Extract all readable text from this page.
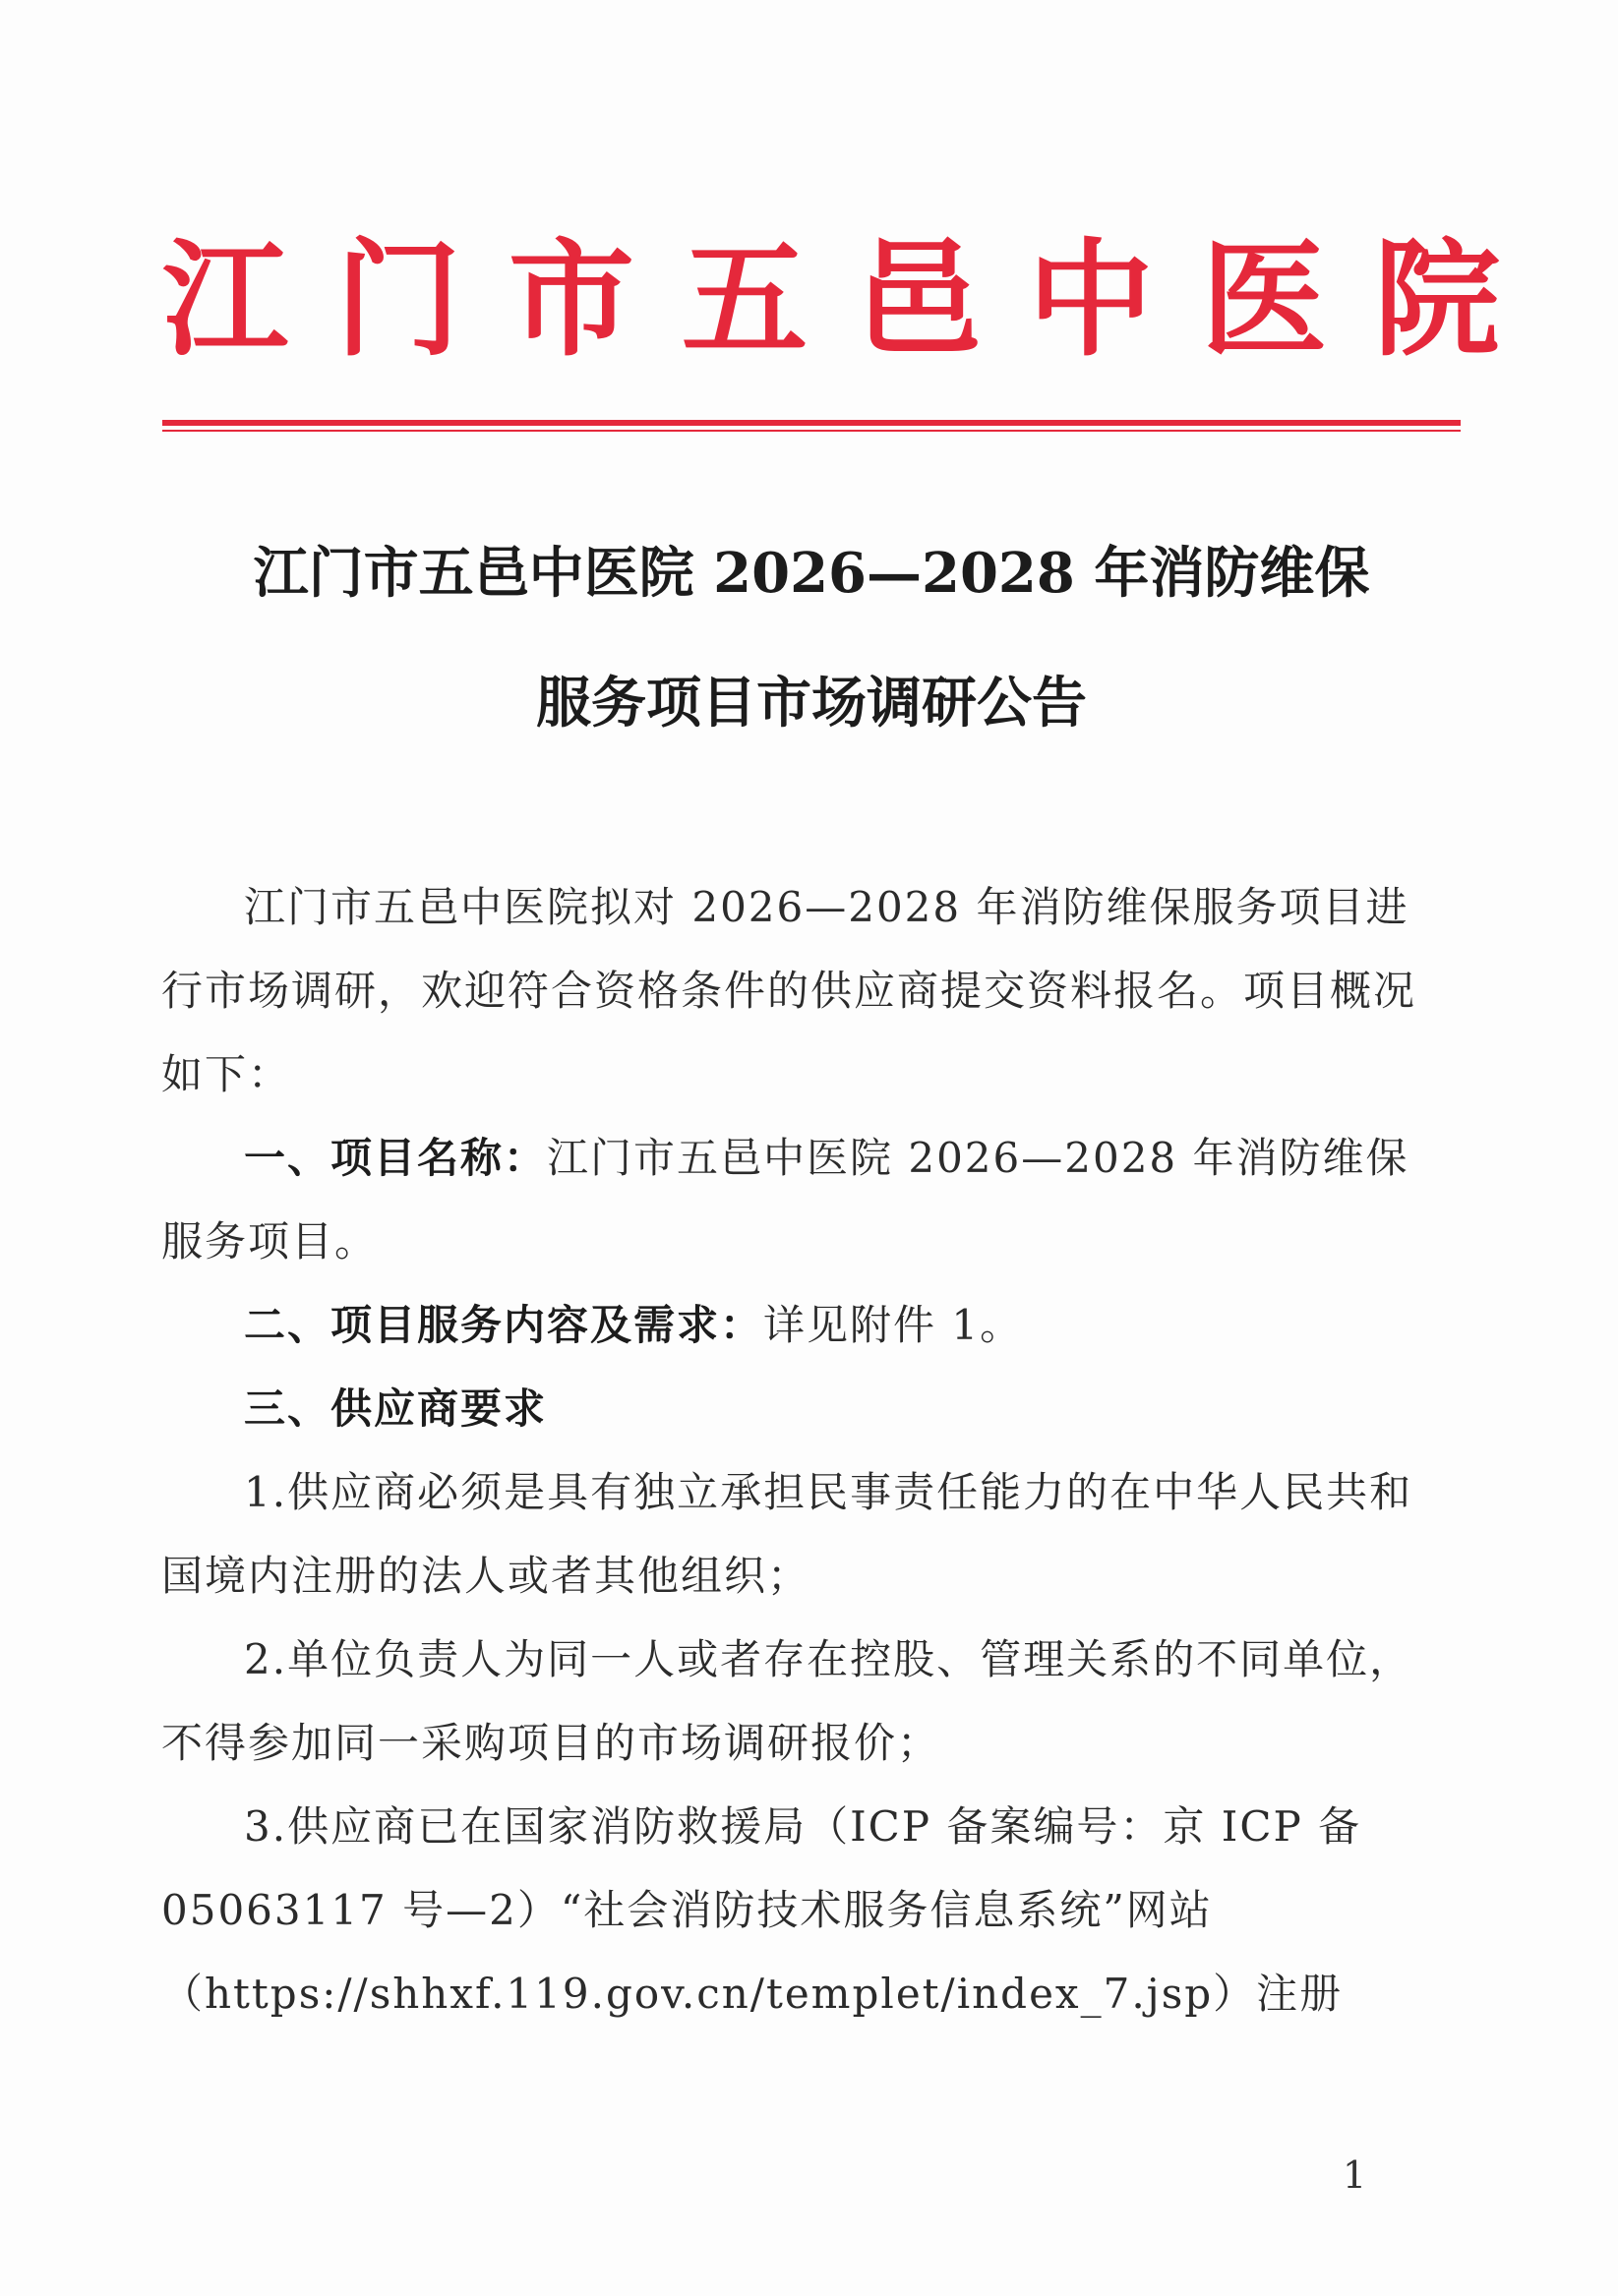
江门市五邑中医院
江门市五邑中医院 2026—2028 年消防维保
服务项目市场调研公告

江门市五邑中医院拟对 2026—2028 年消防维保服务项目进行市场调研，欢迎符合资格条件的供应商提交资料报名。项目概况如下：

一、项目名称：江门市五邑中医院 2026—2028 年消防维保服务项目。

二、项目服务内容及需求：详见附件 1。

三、供应商要求

1.供应商必须是具有独立承担民事责任能力的在中华人民共和国境内注册的法人或者其他组织；

2.单位负责人为同一人或者存在控股、管理关系的不同单位，不得参加同一采购项目的市场调研报价；

3.供应商已在国家消防救援局（ICP 备案编号：京 ICP 备 05063117 号—2）“社会消防技术服务信息系统”网站（https://shhxf.119.gov.cn/templet/index_7.jsp）注册

1
